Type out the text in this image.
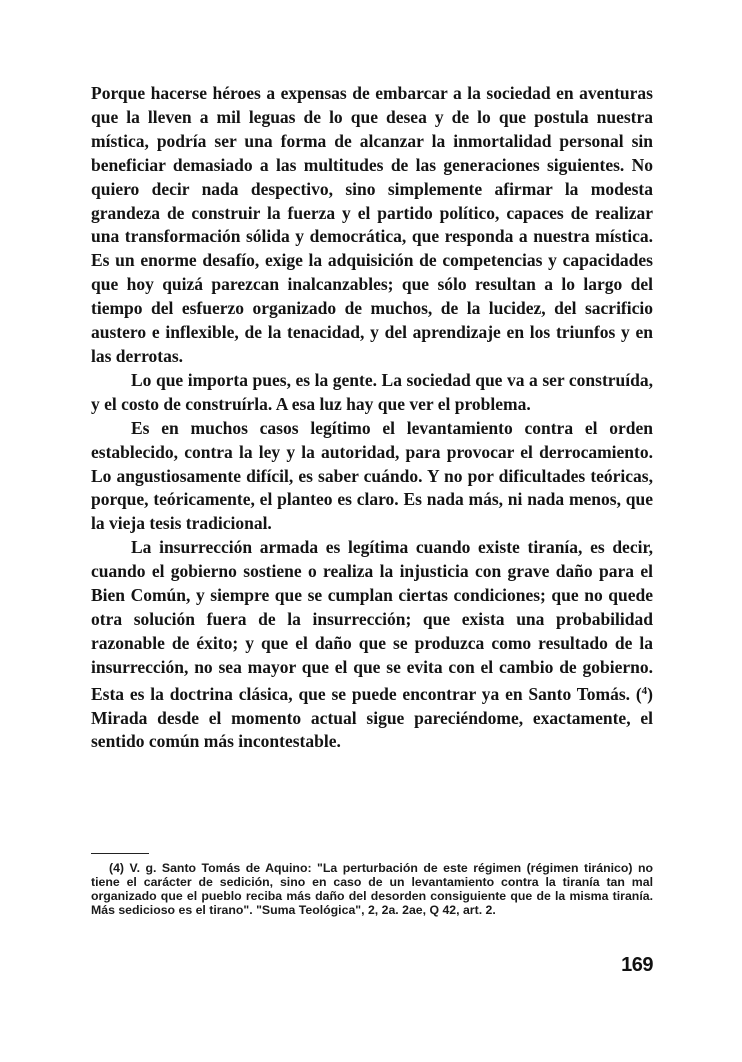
Porque hacerse héroes a expensas de embarcar a la sociedad en aventuras que la lleven a mil leguas de lo que desea y de lo que postula nuestra mística, podría ser una forma de alcanzar la inmortalidad personal sin beneficiar demasiado a las multitudes de las generaciones siguientes. No quiero decir nada despectivo, sino simplemente afirmar la modesta grandeza de construir la fuerza y el partido político, capaces de realizar una transformación sólida y democrática, que responda a nuestra mística. Es un enorme desafío, exige la adquisición de competencias y capacidades que hoy quizá parezcan inalcanzables; que sólo resultan a lo largo del tiempo del esfuerzo organizado de muchos, de la lucidez, del sacrificio austero e inflexible, de la tenacidad, y del aprendizaje en los triunfos y en las derrotas.

Lo que importa pues, es la gente. La sociedad que va a ser construída, y el costo de construírla. A esa luz hay que ver el problema.

Es en muchos casos legítimo el levantamiento contra el orden establecido, contra la ley y la autoridad, para provocar el derrocamiento. Lo angustiosamente difícil, es saber cuándo. Y no por dificultades teóricas, porque, teóricamente, el planteo es claro. Es nada más, ni nada menos, que la vieja tesis tradicional.

La insurrección armada es legítima cuando existe tiranía, es decir, cuando el gobierno sostiene o realiza la injusticia con grave daño para el Bien Común, y siempre que se cumplan ciertas condiciones; que no quede otra solución fuera de la insurrección; que exista una probabilidad razonable de éxito; y que el daño que se produzca como resultado de la insurrección, no sea mayor que el que se evita con el cambio de gobierno. Esta es la doctrina clásica, que se puede encontrar ya en Santo Tomás. ($^4$) Mirada desde el momento actual sigue pareciéndome, exactamente, el sentido común más incontestable.

(4) V. g. Santo Tomás de Aquino: "La perturbación de este régimen (régimen tiránico) no tiene el carácter de sedición, sino en caso de un levantamiento contra la tiranía tan mal organizado que el pueblo reciba más daño del desorden consiguiente que de la misma tiranía. Más sedicioso es el tirano". "Suma Teológica", 2, 2a. 2ae, Q 42, art. 2.

169
